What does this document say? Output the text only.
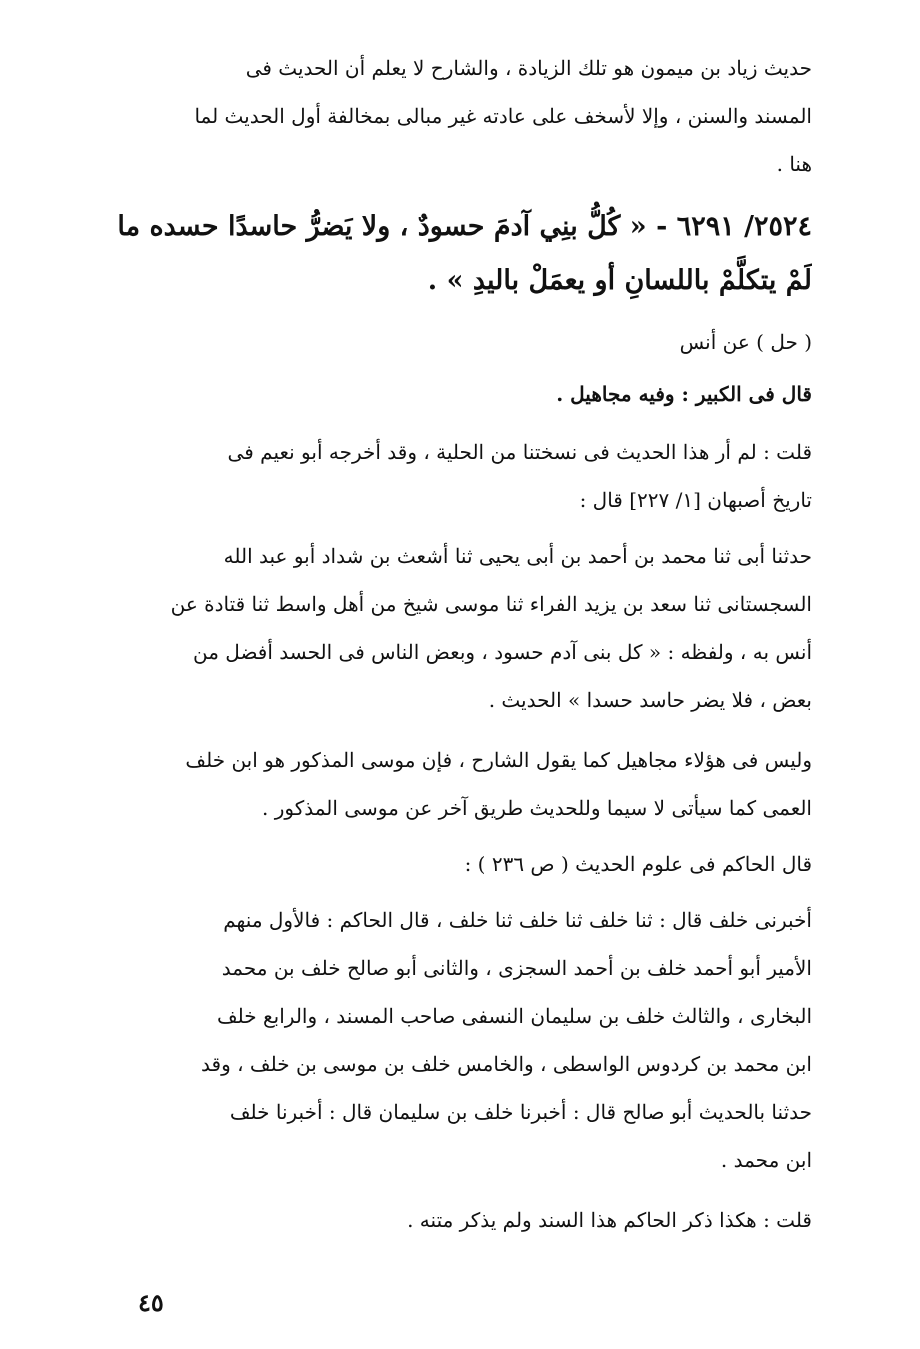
حديث زياد بن ميمون هو تلك الزيادة ، والشارح لا يعلم أن الحديث فى
المسند والسنن ، وإلا لأسخف على عادته غير مبالى بمخالفة أول الحديث لما
هنا .
٢٥٢٤/ ٦٢٩١ - « كُلُّ بنِي آدمَ حسودٌ ، ولا يَضرُّ حاسدًا حسده ما
لَمْ يتكلَّمْ باللسانِ أو يعمَلْ باليدِ » .
( حل ) عن أنس
قال فى الكبير : وفيه مجاهيل .
قلت : لم أر هذا الحديث فى نسختنا من الحلية ، وقد أخرجه أبو نعيم فى
تاريخ أصبهان [١/ ٢٢٧] قال :
حدثنا أبى ثنا محمد بن أحمد بن أبى يحيى ثنا أشعث بن شداد أبو عبد الله
السجستانى ثنا سعد بن يزيد الفراء ثنا موسى شيخ من أهل واسط ثنا قتادة عن
أنس به ، ولفظه : « كل بنى آدم حسود ، وبعض الناس فى الحسد أفضل من
بعض ، فلا يضر حاسد حسدا » الحديث .
وليس فى هؤلاء مجاهيل كما يقول الشارح ، فإن موسى المذكور هو ابن خلف
العمى كما سيأتى لا سيما وللحديث طريق آخر عن موسى المذكور .
قال الحاكم فى علوم الحديث ( ص ٢٣٦ ) :
أخبرنى خلف قال : ثنا خلف ثنا خلف ثنا خلف ، قال الحاكم : فالأول منهم
الأمير أبو أحمد خلف بن أحمد السجزى ، والثانى أبو صالح خلف بن محمد
البخارى ، والثالث خلف بن سليمان النسفى صاحب المسند ، والرابع خلف
ابن محمد بن كردوس الواسطى ، والخامس خلف بن موسى بن خلف ، وقد
حدثنا بالحديث أبو صالح قال : أخبرنا خلف بن سليمان قال : أخبرنا خلف
ابن محمد .
قلت : هكذا ذكر الحاكم هذا السند ولم يذكر متنه .
٤٥
